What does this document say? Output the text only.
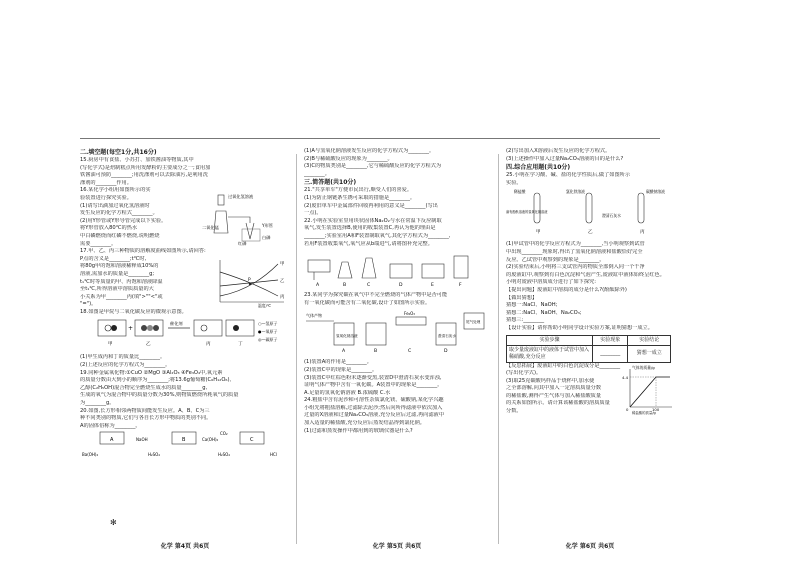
二.填空题(每空1分,共16分)
15.厨房中有食盐、小苏打、加铁酱油等物质,其中
(写化学式)是焙制糕点所用发酵粉的主要成分之一;食用加
铁酱油可预防________;用洗涤剂可以去除油污,是利用洗
涤剂的________作用。
16.某化学小组用如图所示的实
验装置进行探究实验。
(1)请写出滴加过氧化氢溶液时
发生反应的化学方程式________。
(2)用Y形管或Y形导管完成以下实验。
将Y形管放入80℃的热水
中白磷燃烧而红磷不燃烧,说明燃烧
需要________。
过氧化氢溶液
二氧化锰	Y形管
白磷
红磷
17.甲、乙、丙三种物质的溶解度曲线如图所示,请回答:
P点的含义是________;t℃时,
将80g甲的饱和溶液稀释成10%的
溶液,需加水的质量是________g;
t₁℃时等质量的甲、丙饱和溶液降温
至t₁℃,所得溶液中溶质质量的大
小关系为甲________丙(填">""<"或
"=")。
甲
乙
丙
P
温度/℃
18.如图是甲烷与二氧化碳反应的微观示意图。
+
催化剂
甲	乙	丙	丁
○—氢原子
●—氧原子
◎—碳原子
(1)甲生成丙和丁的质量比________。
(2)上述反应的化学方程式为________。
19.同种金属氧化物:①CuO ②MgO ③Al₂O₃ ④Fe₃O₄中,氧元素
的质量分数由大到小的顺序为________;将13.6g葡萄糖(C₆H₁₂O₆)、
乙醇(C₂H₅OH)混合物完全燃烧生成水的质量________g,
生成的氧气为混合物中的质量分数为30%,则物质燃烧所耗氧气的质量
为________g。
20.如图,长方形相邻两物质间能发生反应。A、B、C为三
种不同类别的物质,它们与各自长方形中物质的类别不同。
A的固体俗称为________。
A	B	C
Ba(OH)₂
NaOH
H₂SO₄
Ca(OH)₂
H₂SO₄
CO₂
HCl
化学 第4页 共6页
(1)A与氢氧化钠溶液发生反应的化学方程式为________。
(2)B与稀硫酸反应的现象为________。
(3)C的物质类别是________,它与稀硫酸反应的化学方程式为
________。
三.简答题(共10分)
21."共享单车"方便市民出行,颇受人们的喜爱。
(1)为防止钢链条生锈可采取的措施是________。
(2)废旧单车中金属部件回收再利用的意义是________(写出
一点)。
22.小明在实验室里用块状固体Na₂O₂与水在常温下反应制取
氧气,发生装置选择B,使用的收集装置C,再认为他的理由是
________;实验室用A和F装置制取氧气,其化学方程式为________,
若用F装置收集氧气,氧气应从b端进气,请将图补充完整。
A	B	C	D	E	F
23.某同学为探究碳在氧气中不完全燃烧的气体产物中是否可能
有一氧化碳而可能含有二氧化碳,设计了如图所示实验。
气体产物	Fe₂O₃
氢氧化钠溶液	澄清石灰水
尾气处理
A	B	C	D
(1)装置A的作用是________。
(2)装置C中的现象是________。
(3)装置C中红棕色粉末逐渐变黑,装置D中澄清石灰水变浑浊,
证明气体产物中含有一氧化碳。A装置中的现象是________。
A.足量的氢氧化钠溶液 B.浓硫酸 C.水
24.粗盐中含有泥沙和可溶性杂质氯化镁、硫酸钠,某化学兴趣
小组先将粗盐溶解,过滤除去泥沙;然后向所得滤液中依次加入
过量的X溶液和过量Na₂CO₃溶液,充分反应后过滤,再向滤液中
加入适量的稀盐酸,充分反应后蒸发结晶得到氯化钠。
(1)过滤和蒸发操作中都用到的玻璃仪器是什么?
化学 第5页 共6页
(2)写出加入X溶液后发生反应的化学方程式。
(3)上述操作中加入过量Na₂CO₃溶液的目的是什么?
四.综合应用题(共10分)
25.小明在学习酸、碱、盐的化学性质后,做了如图所示
实验。
稀盐酸	氯化铁溶液	碳酸钠溶液
滴有酚酞溶液的氢氧化钠溶液
澄清石灰水
甲	乙	丙
(1)甲试管中的化学反应方程式为________,当小明观察到试管
中出现________现象时,得出了氢氧化钠溶液和盐酸恰好完全
反应。乙试管中观察到的现象是________。
(2)实验结束后,小明将三支试管内的物质全部倒入同一个干净
的废液缸中,观察到有白色沉淀和气泡产生,废液缸中液体始终呈红色。
小明对废液中溶质成分进行了如下探究:
【提出问题】废液缸中溶质的成分是什么?(酚酞除外)
【做出猜想】
猜想一:NaCl、NaOH;
猜想二:NaCl、NaOH、Na₂CO₃;
猜想三:________
【设计实验】请你帮助小明同学设计实验方案,证明猜想一成立。
实验步骤	实验现象	实验结论
取少量废液缸中的液体于试管中加入稀硝酸,充分反应	________	猜想一成立
【反思拓展】废液缸中的白色沉淀成分是________
(写出化学式)。
(3)取25克碳酸钙样品于烧杯中,加水使
之全部溶解,向其中加入一定溶质质量分数
的稀盐酸,测得产生气体与加入稀盐酸质量
的关系如图所示。请计算该稀盐酸的溶质质量
分数。
气体的质量/g
4.4
100
0
稀盐酸的质量/g
化学 第6页 共6页
✻
